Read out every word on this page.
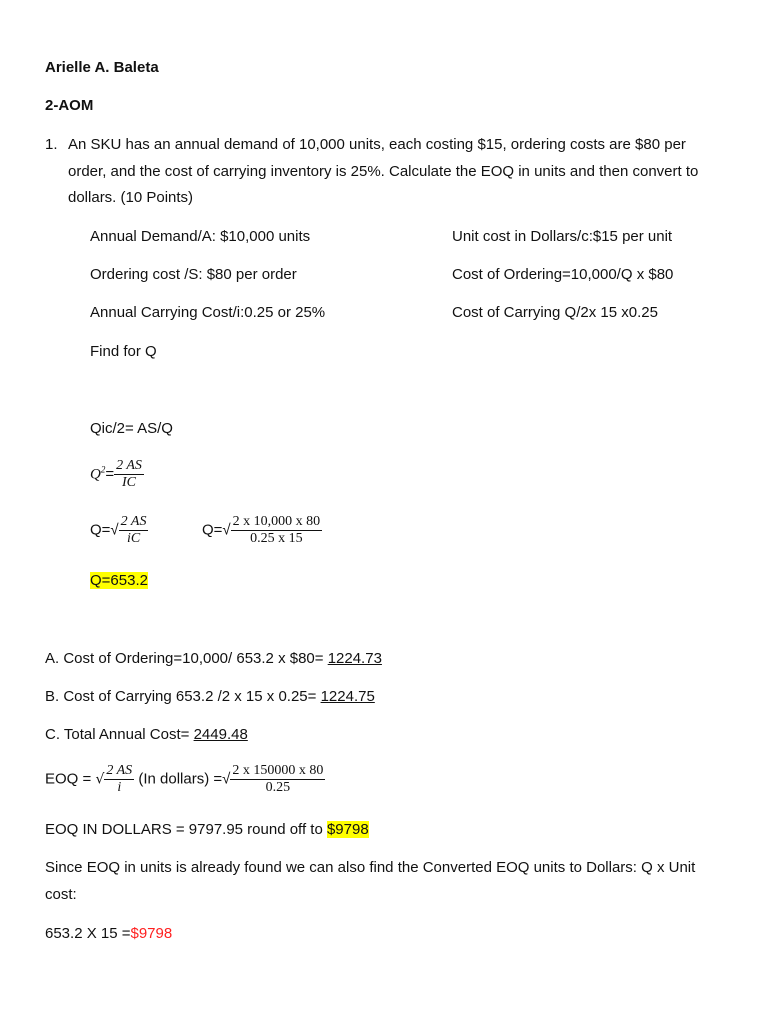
Arielle A. Baleta
2-AOM
1. An SKU has an annual demand of 10,000 units, each costing $15, ordering costs are $80 per
order, and the cost of carrying inventory is 25%. Calculate the EOQ in units and then convert to
dollars. (10 Points)
Annual Demand/A: $10,000 units	Unit cost in Dollars/c:$15 per unit
Ordering cost /S: $80 per order	Cost of Ordering=10,000/Q x $80
Annual Carrying Cost/i:0.25 or 25%	Cost of Carrying Q/2x 15 x0.25
Find for Q
Qic/2= AS/Q
$Q^2= \frac{2 AS}{IC}$
$Q=√ \frac{2 AS}{iC}$	$Q=√ \frac{2 x 10,000 x 80}{0.25 x 15}$
Q=653.2
A. Cost of Ordering=10,000/ 653.2 x $80= 1224.73
B. Cost of Carrying 653.2 /2 x 15 x 0.25= 1224.75
C. Total Annual Cost= 2449.48
EOQ = √ $\frac{2 AS}{i} (In$ dollars) =√ $\frac{2 x 150000 x 80}{0.25}$
EOQ IN DOLLARS = 9797.95 round off to $9798
Since EOQ in units is already found we can also find the Converted EOQ units to Dollars: Q x Unit
cost:
653.2 X 15 =$9798
